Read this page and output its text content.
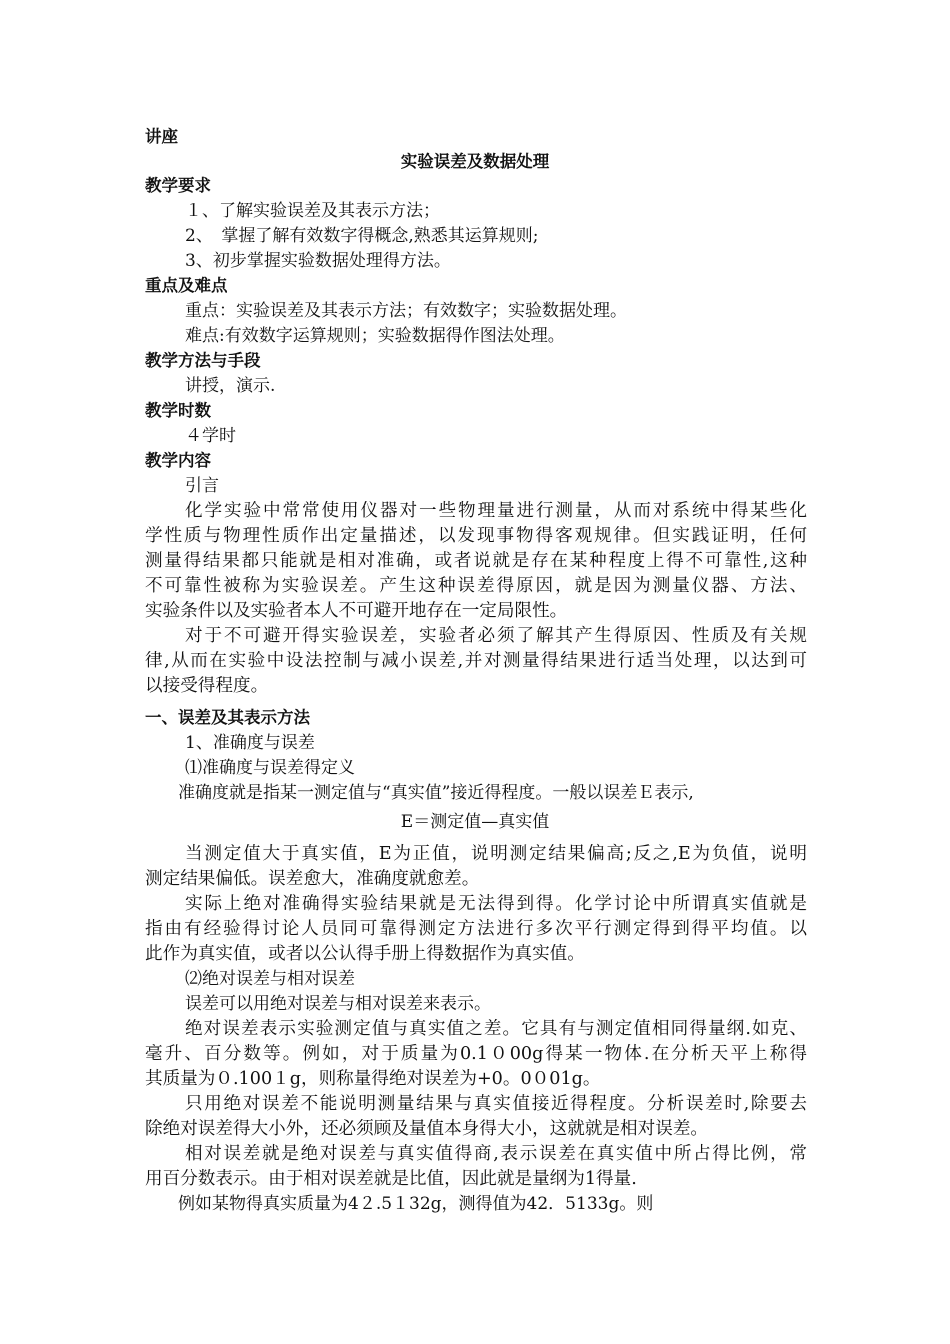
讲座
实验误差及数据处理
教学要求
１、了解实验误差及其表示方法；
2、　掌握了解有效数字得概念,熟悉其运算规则;
3、初步掌握实验数据处理得方法。
重点及难点
重点：实验误差及其表示方法；有效数字；实验数据处理。
难点:有效数字运算规则；实验数据得作图法处理。
教学方法与手段
讲授，演示.
教学时数
４学时
教学内容
引言
化学实验中常常使用仪器对一些物理量进行测量，从而对系统中得某些化
学性质与物理性质作出定量描述，以发现事物得客观规律。但实践证明，任何
测量得结果都只能就是相对准确，或者说就是存在某种程度上得不可靠性,这种
不可靠性被称为实验误差。产生这种误差得原因，就是因为测量仪器、方法、
实验条件以及实验者本人不可避开地存在一定局限性。
对于不可避开得实验误差，实验者必须了解其产生得原因、性质及有关规
律,从而在实验中设法控制与减小误差,并对测量得结果进行适当处理，以达到可
以接受得程度。
一、误差及其表示方法
1、准确度与误差
⑴准确度与误差得定义
准确度就是指某一测定值与“真实值”接近得程度。一般以误差Ｅ表示,
E＝测定值—真实值
当测定值大于真实值，E为正值，说明测定结果偏高;反之,E为负值，说明
测定结果偏低。误差愈大，准确度就愈差。
实际上绝对准确得实验结果就是无法得到得。化学讨论中所谓真实值就是
指由有经验得讨论人员同可靠得测定方法进行多次平行测定得到得平均值。以
此作为真实值，或者以公认得手册上得数据作为真实值。
⑵绝对误差与相对误差
误差可以用绝对误差与相对误差来表示。
绝对误差表示实验测定值与真实值之差。它具有与测定值相同得量纲.如克、
毫升、百分数等。例如，对于质量为0.1０00g得某一物体.在分析天平上称得
其质量为０.100１g，则称量得绝对误差为+0。0０01g。
只用绝对误差不能说明测量结果与真实值接近得程度。分析误差时,除要去
除绝对误差得大小外，还必须顾及量值本身得大小，这就就是相对误差。
相对误差就是绝对误差与真实值得商,表示误差在真实值中所占得比例，常
用百分数表示。由于相对误差就是比值，因此就是量纲为1得量.
例如某物得真实质量为4２.5１32g，测得值为42．5133g。则
